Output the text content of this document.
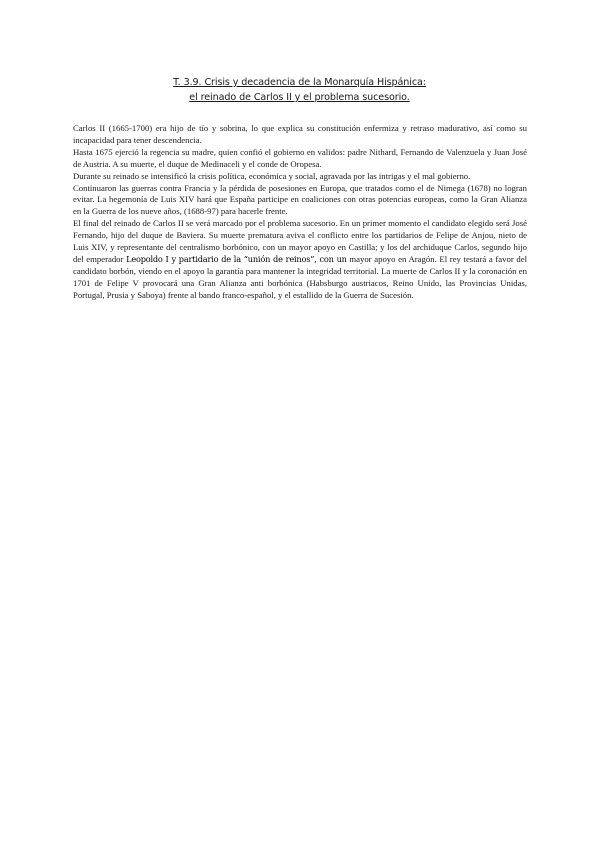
T. 3.9. Crisis y decadencia de la Monarquía Hispánica:
el reinado de Carlos II y el problema sucesorio.

Carlos II (1665-1700) era hijo de tío y sobrina, lo que explica su constitución enfermiza y retraso madurativo, así como su incapacidad para tener descendencia.

Hasta 1675 ejerció la regencia su madre, quien confió el gobierno en validos: padre Nithard, Fernando de Valenzuela y Juan José de Austria. A su muerte, el duque de Medinaceli y el conde de Oropesa.

Durante su reinado se intensificó la crisis política, económica y social, agravada por las intrigas y el mal gobierno.

Continuaron las guerras contra Francia y la pérdida de posesiones en Europa, que tratados como el de Nimega (1678) no logran evitar. La hegemonía de Luis XIV hará que España participe en coaliciones con otras potencias europeas, como la Gran Alianza en la Guerra de los nueve años, (1688-97) para hacerle frente.

El final del reinado de Carlos II se verá marcado por el problema sucesorio. En un primer momento el candidato elegido será José Fernando, hijo del duque de Baviera. Su muerte prematura aviva el conflicto entre los partidarios de Felipe de Anjou, nieto de Luis XIV, y representante del centralismo borbónico, con un mayor apoyo en Castilla; y los del archiduque Carlos, segundo hijo del emperador Leopoldo I y partidario de la “unión de reinos”, con un mayor apoyo en Aragón. El rey testará a favor del candidato borbón, viendo en el apoyo la garantía para mantener la integridad territorial. La muerte de Carlos II y la coronación en 1701 de Felipe V provocará una Gran Alianza anti borbónica (Habsburgo austriacos, Reino Unido, las Provincias Unidas, Portugal, Prusia y Saboya) frente al bando franco-español, y el estallido de la Guerra de Sucesión.
